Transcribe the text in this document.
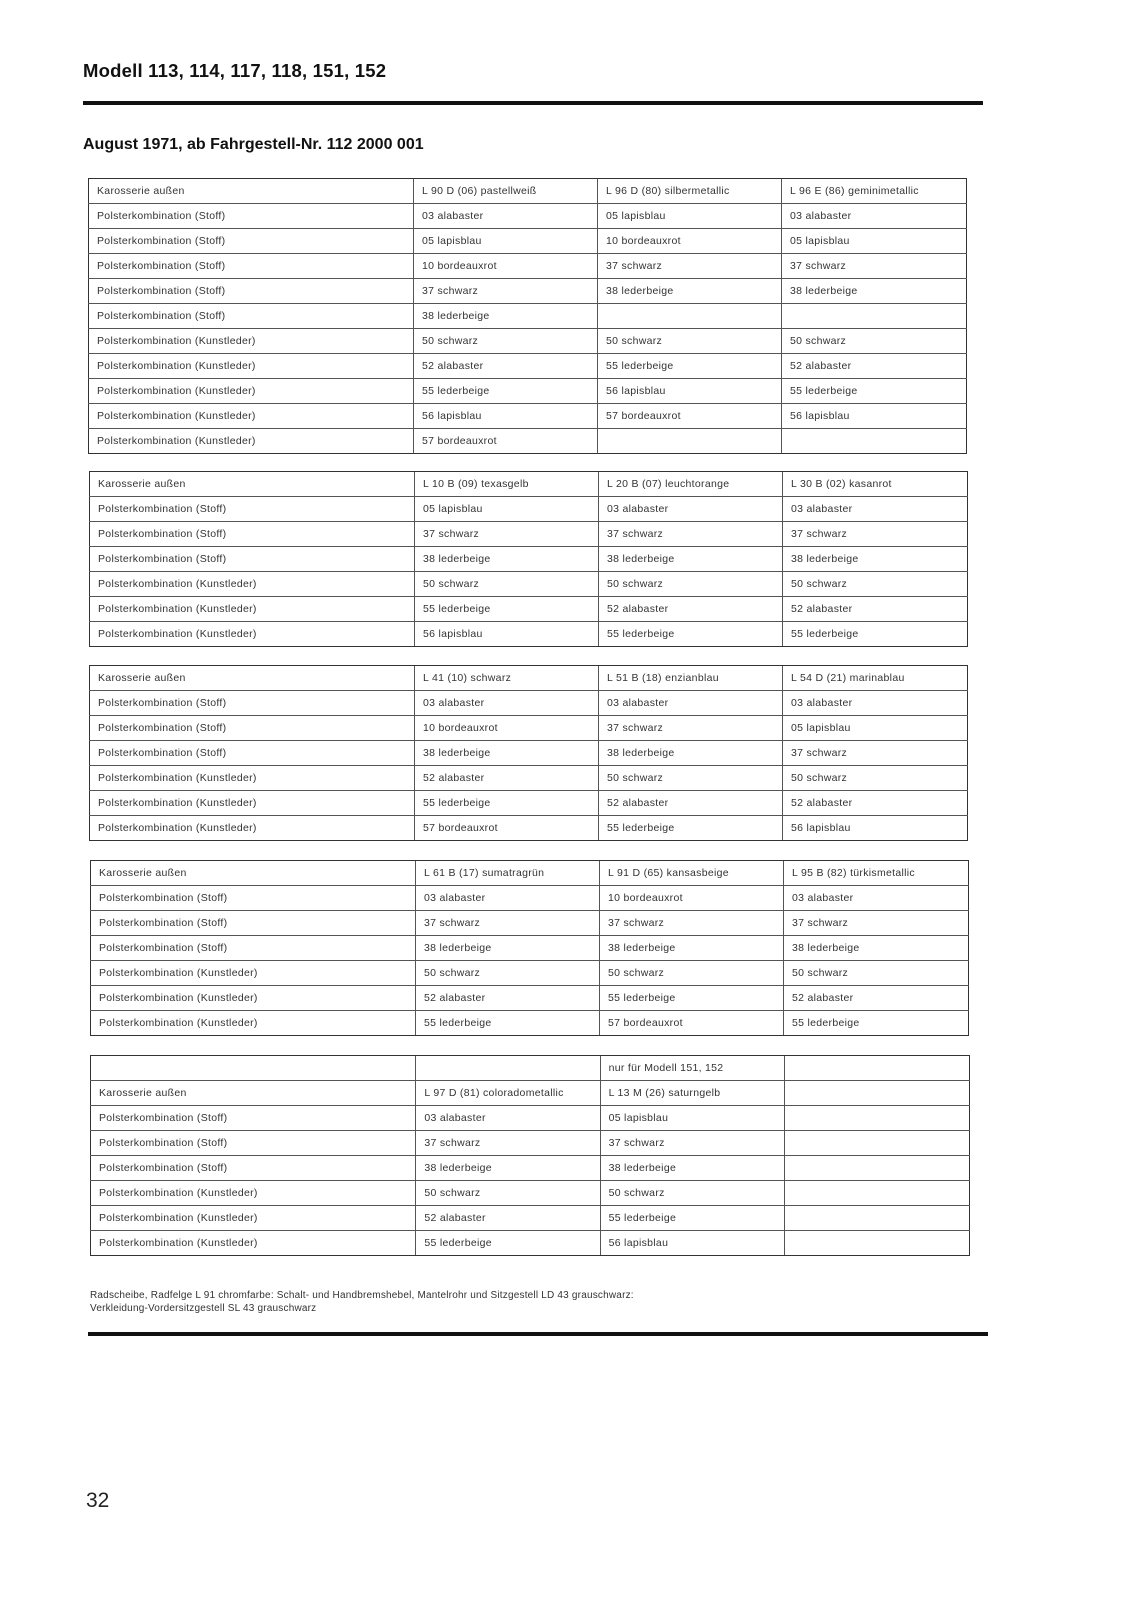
Modell 113, 114, 117, 118, 151, 152
August 1971, ab Fahrgestell-Nr. 112 2000 001
Karosserie außen	L 90 D (06) pastellweiß	L 96 D (80) silbermetallic	L 96 E (86) geminimetallic
Polsterkombination (Stoff)	03 alabaster	05 lapisblau	03 alabaster
Polsterkombination (Stoff)	05 lapisblau	10 bordeauxrot	05 lapisblau
Polsterkombination (Stoff)	10 bordeauxrot	37 schwarz	37 schwarz
Polsterkombination (Stoff)	37 schwarz	38 lederbeige	38 lederbeige
Polsterkombination (Stoff)	38 lederbeige		
Polsterkombination (Kunstleder)	50 schwarz	50 schwarz	50 schwarz
Polsterkombination (Kunstleder)	52 alabaster	55 lederbeige	52 alabaster
Polsterkombination (Kunstleder)	55 lederbeige	56 lapisblau	55 lederbeige
Polsterkombination (Kunstleder)	56 lapisblau	57 bordeauxrot	56 lapisblau
Polsterkombination (Kunstleder)	57 bordeauxrot		
Karosserie außen	L 10 B (09) texasgelb	L 20 B (07) leuchtorange	L 30 B (02) kasanrot
Polsterkombination (Stoff)	05 lapisblau	03 alabaster	03 alabaster
Polsterkombination (Stoff)	37 schwarz	37 schwarz	37 schwarz
Polsterkombination (Stoff)	38 lederbeige	38 lederbeige	38 lederbeige
Polsterkombination (Kunstleder)	50 schwarz	50 schwarz	50 schwarz
Polsterkombination (Kunstleder)	55 lederbeige	52 alabaster	52 alabaster
Polsterkombination (Kunstleder)	56 lapisblau	55 lederbeige	55 lederbeige
Karosserie außen	L 41 (10) schwarz	L 51 B (18) enzianblau	L 54 D (21) marinablau
Polsterkombination (Stoff)	03 alabaster	03 alabaster	03 alabaster
Polsterkombination (Stoff)	10 bordeauxrot	37 schwarz	05 lapisblau
Polsterkombination (Stoff)	38 lederbeige	38 lederbeige	37 schwarz
Polsterkombination (Kunstleder)	52 alabaster	50 schwarz	50 schwarz
Polsterkombination (Kunstleder)	55 lederbeige	52 alabaster	52 alabaster
Polsterkombination (Kunstleder)	57 bordeauxrot	55 lederbeige	56 lapisblau
Karosserie außen	L 61 B (17) sumatragrün	L 91 D (65) kansasbeige	L 95 B (82) türkismetallic
Polsterkombination (Stoff)	03 alabaster	10 bordeauxrot	03 alabaster
Polsterkombination (Stoff)	37 schwarz	37 schwarz	37 schwarz
Polsterkombination (Stoff)	38 lederbeige	38 lederbeige	38 lederbeige
Polsterkombination (Kunstleder)	50 schwarz	50 schwarz	50 schwarz
Polsterkombination (Kunstleder)	52 alabaster	55 lederbeige	52 alabaster
Polsterkombination (Kunstleder)	55 lederbeige	57 bordeauxrot	55 lederbeige
		nur für Modell 151, 152	
Karosserie außen	L 97 D (81) coloradometallic	L 13 M (26) saturngelb	
Polsterkombination (Stoff)	03 alabaster	05 lapisblau	
Polsterkombination (Stoff)	37 schwarz	37 schwarz	
Polsterkombination (Stoff)	38 lederbeige	38 lederbeige	
Polsterkombination (Kunstleder)	50 schwarz	50 schwarz	
Polsterkombination (Kunstleder)	52 alabaster	55 lederbeige	
Polsterkombination (Kunstleder)	55 lederbeige	56 lapisblau	
Radscheibe, Radfelge L 91 chromfarbe: Schalt- und Handbremshebel, Mantelrohr und Sitzgestell LD 43 grauschwarz:
Verkleidung-Vordersitzgestell SL 43 grauschwarz
32
